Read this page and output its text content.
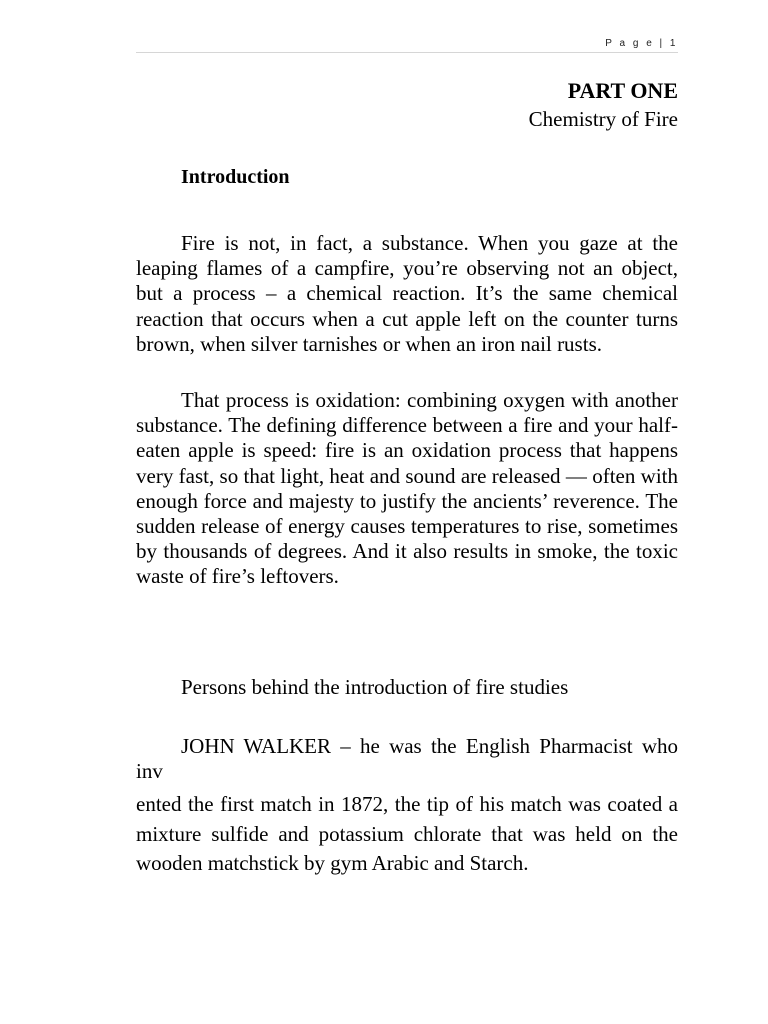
P a g e | 1
PART ONE
Chemistry of Fire
Introduction

Fire is not, in fact, a substance. When you gaze at the leaping flames of a campfire, you’re observing not an object, but a process – a chemical reaction. It’s the same chemical reaction that occurs when a cut apple left on the counter turns brown, when silver tarnishes or when an iron nail rusts.

That process is oxidation: combining oxygen with another substance. The defining difference between a fire and your half-eaten apple is speed: fire is an oxidation process that happens very fast, so that light, heat and sound are released — often with enough force and majesty to justify the ancients’ reverence. The sudden release of energy causes temperatures to rise, sometimes by thousands of degrees. And it also results in smoke, the toxic waste of fire’s leftovers.

Persons behind the introduction of fire studies

JOHN WALKER – he was the English Pharmacist who inv

ented the first match in 1872, the tip of his match was coated a mixture sulfide and potassium chlorate that was held on the wooden matchstick by gym Arabic and Starch.
